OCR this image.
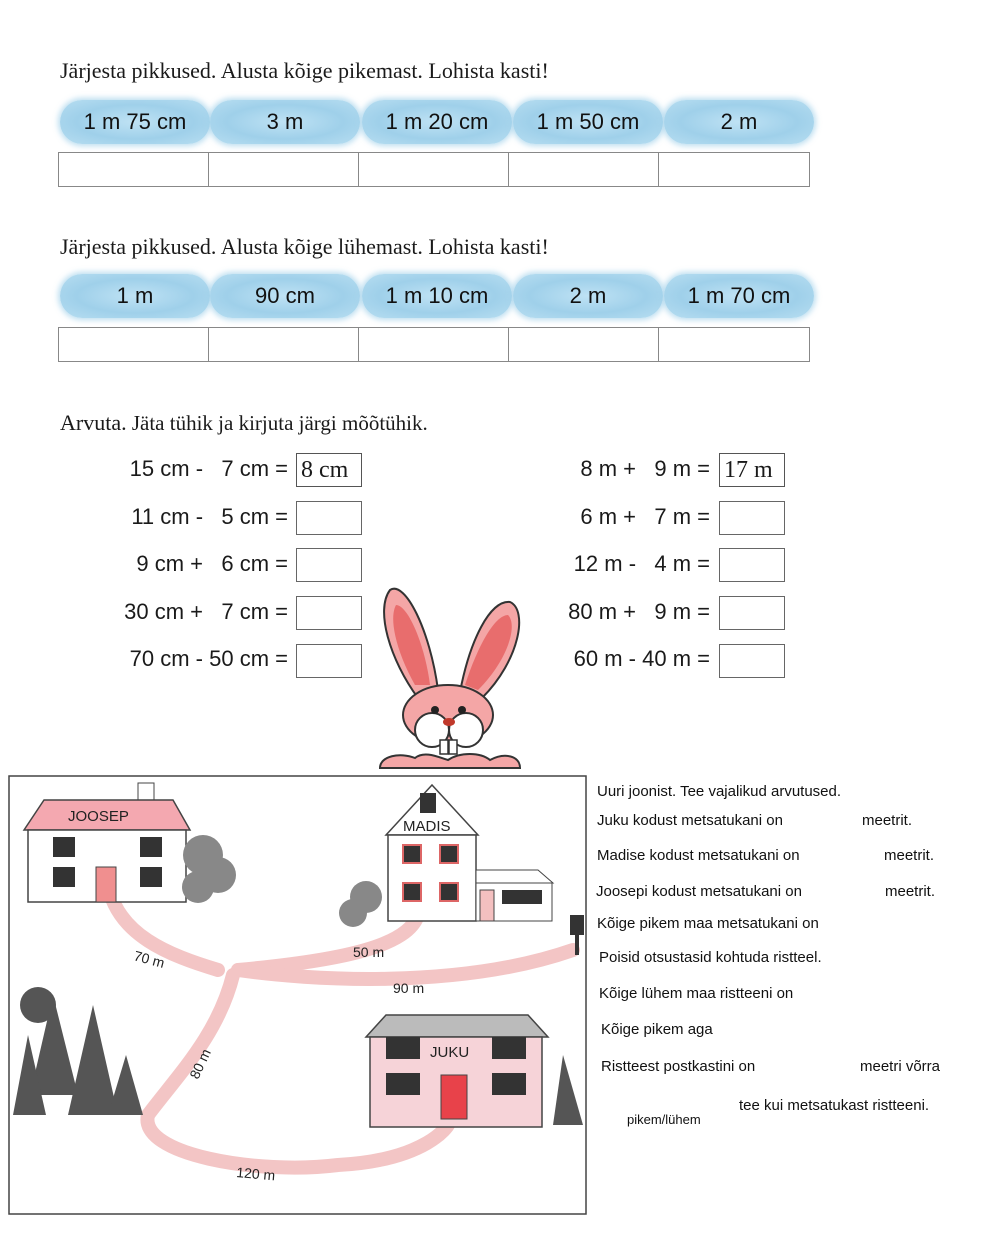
Järjesta pikkused. Alusta kõige pikemast. Lohista kasti!
1 m 75 cm	3 m	1 m 20 cm	1 m 50 cm	2 m
Järjesta pikkused. Alusta kõige lühemast. Lohista kasti!
1 m	90 cm	1 m 10 cm	2 m	1 m 70 cm
Arvuta. Jäta tühik ja kirjuta järgi mõõtühik.
15 cm -   7 cm = 8 cm
11 cm -   5 cm =
9 cm +   6 cm =
30 cm +   7 cm =
70 cm - 50 cm =
8 m +   9 m = 17 m
6 m +   7 m =
12 m -   4 m =
80 m +   9 m =
60 m - 40 m =
70 m	50 m
90 m
80 m
120 m
JOOSEP
MADIS
JUKU
Uuri joonist. Tee vajalikud arvutused.
Juku kodust metsatukani on	meetrit.
Madise kodust metsatukani on	meetrit.
Joosepi kodust metsatukani on	meetrit.
Kõige pikem maa metsatukani on
Poisid otsustasid kohtuda ristteel.
Kõige lühem maa ristteeni on
Kõige pikem aga
Ristteest postkastini on	meetri võrra
pikem/lühem
tee kui metsatukast ristteeni.
